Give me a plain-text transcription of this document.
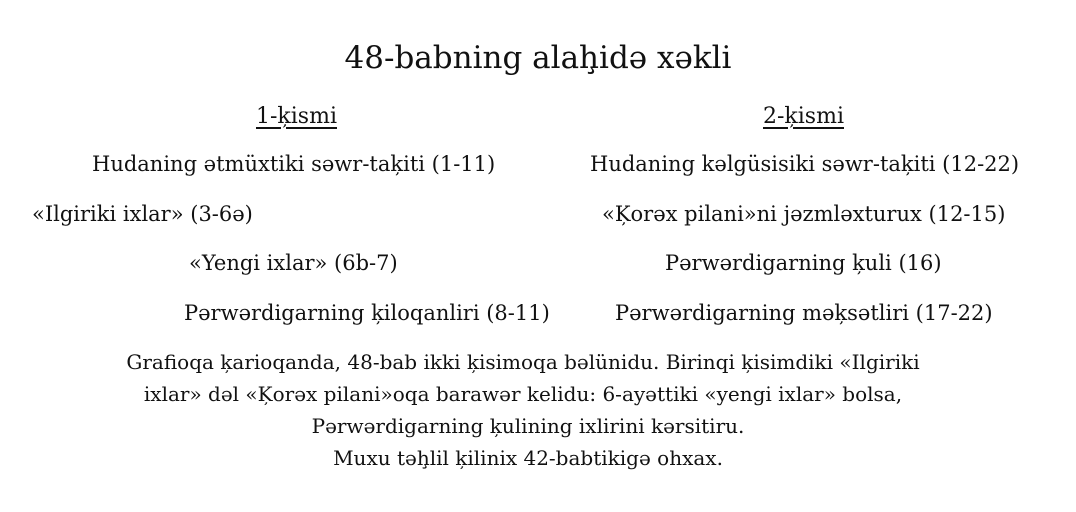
48-babning alaḩidə xəkli
1-ķismi	2-ķismi
Hudaning ətmüxtiki səwr-taķiti (1-11)
«Ilgiriki ixlar» (3-6ə)
«Yengi ixlar» (6b-7)
Pərwərdigarning ķiloqanliri (8-11)
Hudaning kəlgüsisiki səwr-taķiti (12-22)
«Ķorəx pilani»ni jəzmləxturux (12-15)
Pərwərdigarning ķuli (16)
Pərwərdigarning məķsətliri (17-22)
Grafioqa ķarioqanda, 48-bab ikki ķisimoqa bəlünidu. Birinqi ķisimdiki «Ilgiriki
ixlar» dəl «Ķorəx pilani»oqa barawər kelidu: 6-ayəttiki «yengi ixlar» bolsa,
Pərwərdigarning ķulining ixlirini kərsitiru.
Muxu təḩlil ķilinix 42-babtikigə ohxax.
